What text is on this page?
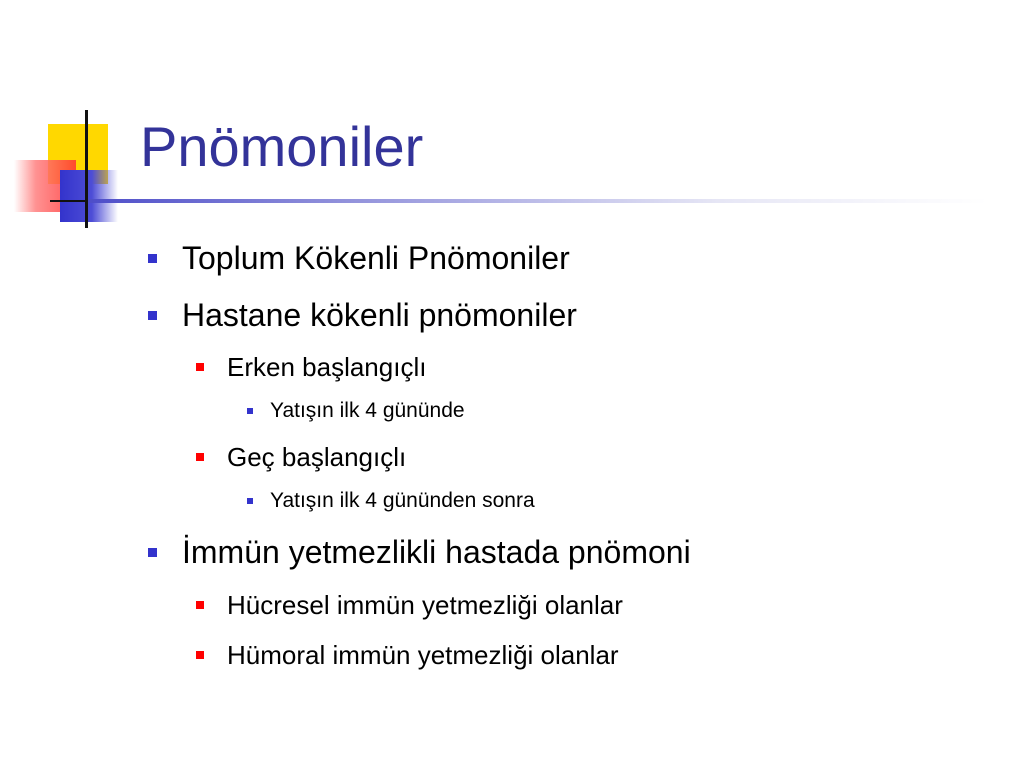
Pnömoniler
Toplum Kökenli Pnömoniler
Hastane kökenli pnömoniler
Erken başlangıçlı
Yatışın ilk 4 gününde
Geç başlangıçlı
Yatışın ilk 4 gününden sonra
İmmün yetmezlikli hastada pnömoni
Hücresel immün yetmezliği olanlar
Hümoral immün yetmezliği olanlar
